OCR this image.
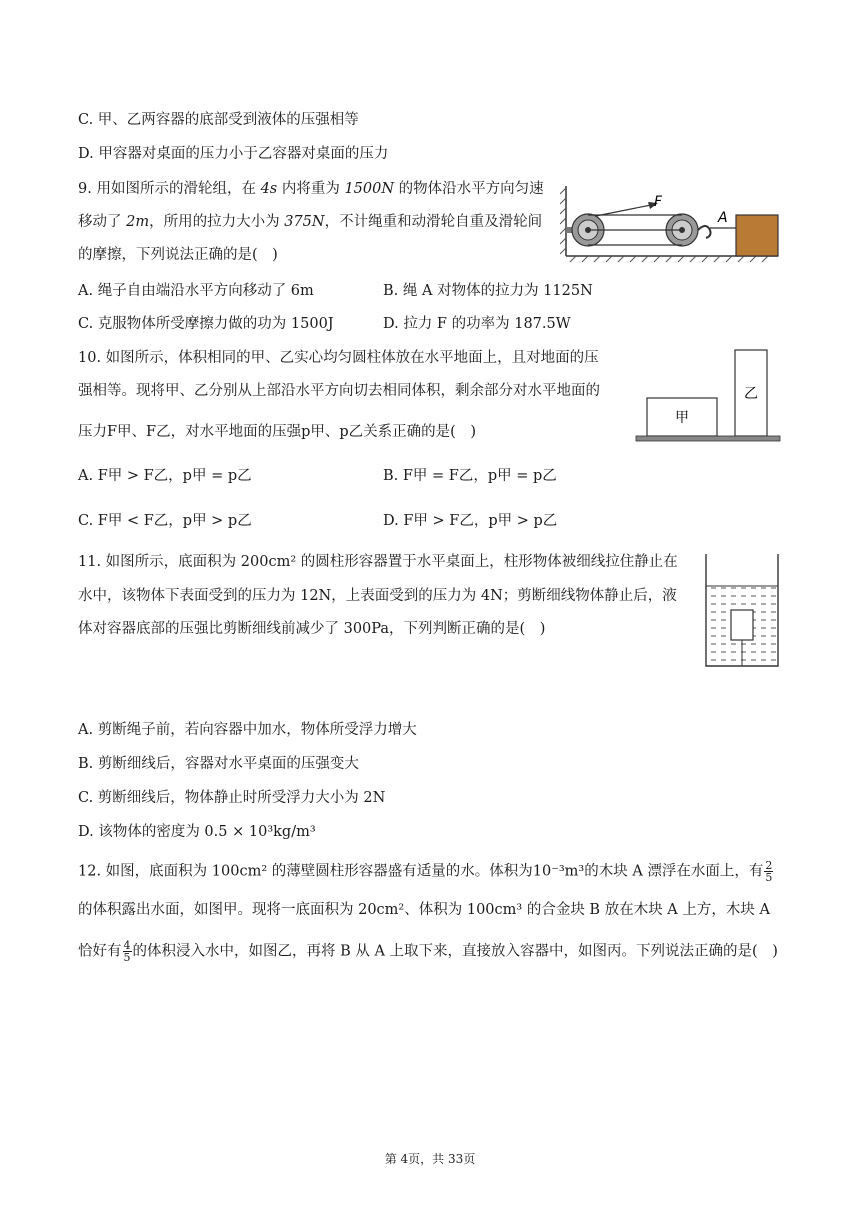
C. 甲、乙两容器的底部受到液体的压强相等
D. 甲容器对桌面的压力小于乙容器对桌面的压力
9. 用如图所示的滑轮组，在 4s 内将重为 1500N 的物体沿水平方向匀速
移动了 2m，所用的拉力大小为 375N，不计绳重和动滑轮自重及滑轮间
的摩擦，下列说法正确的是(　)
A. 绳子自由端沿水平方向移动了 6m	B. 绳 A 对物体的拉力为 1125N
C. 克服物体所受摩擦力做的功为 1500J	D. 拉力 F 的功率为 187.5W
F
A
10. 如图所示，体积相同的甲、乙实心均匀圆柱体放在水平地面上，且对地面的压
强相等。现将甲、乙分别从上部沿水平方向切去相同体积，剩余部分对水平地面的
压力F甲、F乙，对水平地面的压强p甲、p乙关系正确的是(　)
A. F甲 > F乙，p甲 = p乙	B. F甲 = F乙，p甲 = p乙
C. F甲 < F乙，p甲 > p乙	D. F甲 > F乙，p甲 > p乙
甲
乙
11. 如图所示，底面积为 200cm² 的圆柱形容器置于水平桌面上，柱形物体被细线拉住静止在
水中，该物体下表面受到的压力为 12N，上表面受到的压力为 4N；剪断细线物体静止后，液
体对容器底部的压强比剪断细线前减少了 300Pa，下列判断正确的是(　)
A. 剪断绳子前，若向容器中加水，物体所受浮力增大
B. 剪断细线后，容器对水平桌面的压强变大
C. 剪断细线后，物体静止时所受浮力大小为 2N
D. 该物体的密度为 0.5 × 10³kg/m³
12. 如图，底面积为 100cm² 的薄壁圆柱形容器盛有适量的水。体积为10⁻³m³的木块 A 漂浮在水面上，有 $\frac{2}{5}$
的体积露出水面，如图甲。现将一底面积为 20cm²、体积为 100cm³ 的合金块 B 放在木块 A 上方，木块 A
恰好有 $\frac{4}{5}$ 的体积浸入水中，如图乙，再将 B 从 A 上取下来，直接放入容器中，如图丙。下列说法正确的是(　)
第 4页，共 33页
